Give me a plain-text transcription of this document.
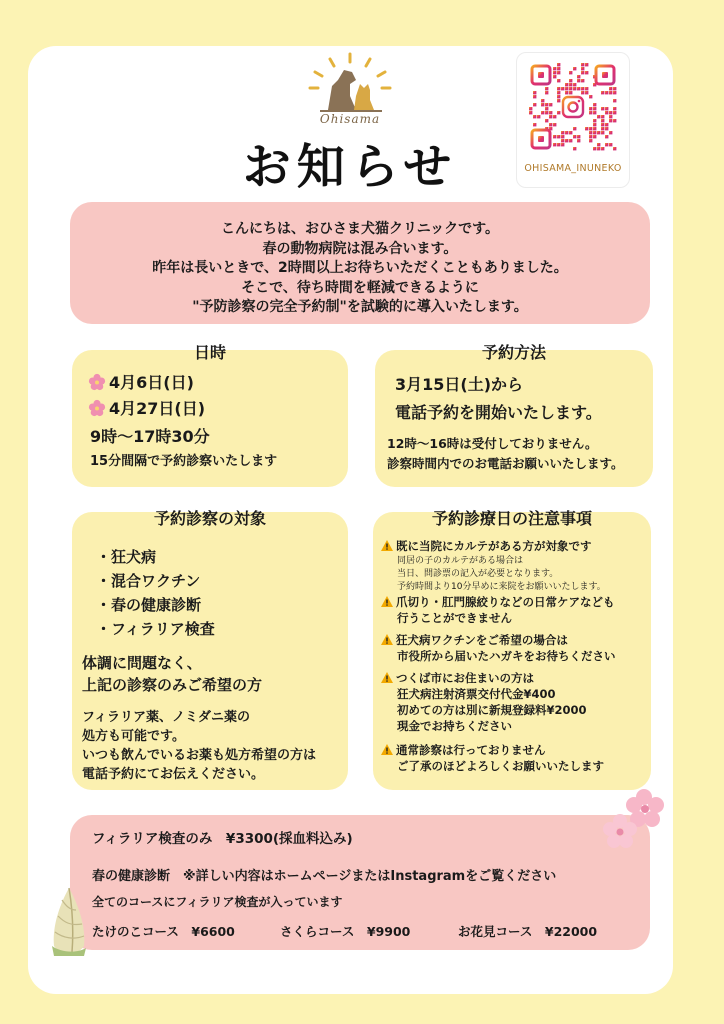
Ohisama
お知らせ	OHISAMA_INUNEKO
こんにちは、おひさま犬猫クリニックです。
春の動物病院は混み合います。
昨年は長いときで、2時間以上お待ちいただくこともありました。
そこで、待ち時間を軽減できるように
"予防診察の完全予約制"を試験的に導入いたします。
日時
4月6日(日)
4月27日(日)
9時〜17時30分
15分間隔で予約診察いたします
予約方法
3月15日(土)から
電話予約を開始いたします。
12時〜16時は受付しておりません。
診察時間内でのお電話お願いいたします。
予約診察の対象
・狂犬病
・混合ワクチン
・春の健康診断
・フィラリア検査
体調に問題なく、
上記の診察のみご希望の方
フィラリア薬、ノミダニ薬の
処方も可能です。
いつも飲んでいるお薬も処方希望の方は
電話予約にてお伝えください。
予約診療日の注意事項
既に当院にカルテがある方が対象です
同居の子のカルテがある場合は
当日、問診票の記入が必要となります。
予約時間より10分早めに来院をお願いいたします。
爪切り・肛門腺絞りなどの日常ケアなども
行うことができません
狂犬病ワクチンをご希望の場合は
市役所から届いたハガキをお待ちください
つくば市にお住まいの方は
狂犬病注射済票交付代金¥400
初めての方は別に新規登録料¥2000
現金でお持ちください
通常診察は行っておりません
ご了承のほどよろしくお願いいたします
フィラリア検査のみ　¥3300(採血料込み)
春の健康診断　※詳しい内容はホームページまたはInstagramをご覧ください
全てのコースにフィラリア検査が入っています
たけのこコース　¥6600	さくらコース　¥9900	お花見コース　¥22000
